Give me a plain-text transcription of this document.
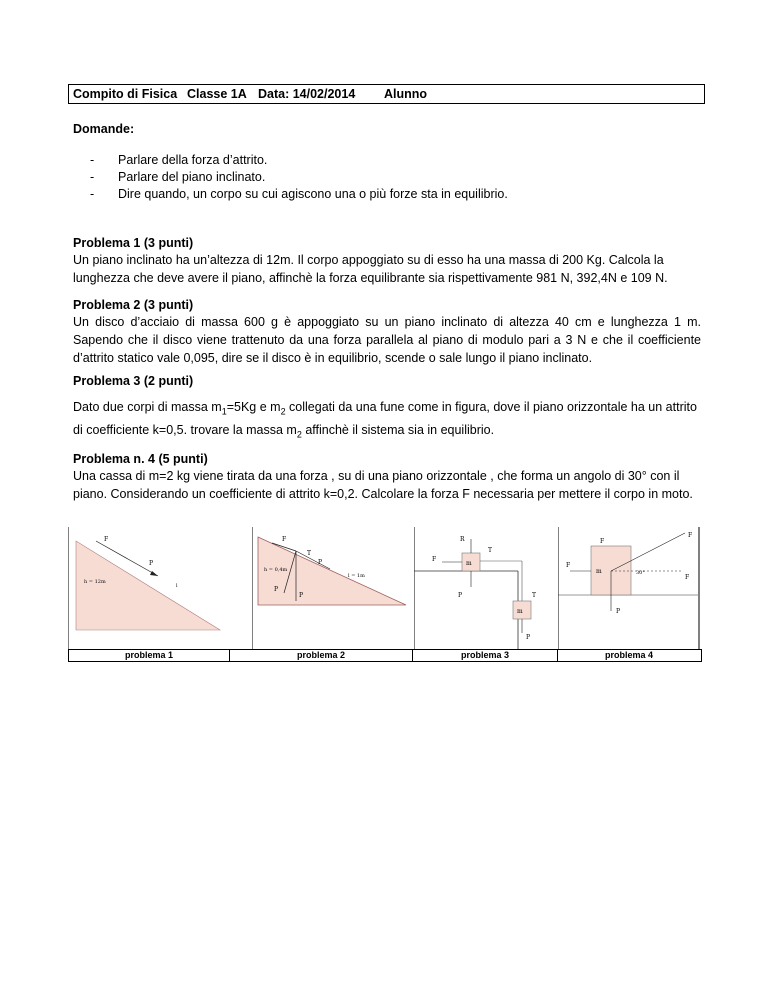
Compito di Fisica Classe 1A Data: 14/02/2014 Alunno
Domande:
- Parlare della forza d’attrito.
- Parlare del piano inclinato.
- Dire quando, un corpo su cui agiscono una o più forze sta in equilibrio.
Problema 1 (3 punti)
Un piano inclinato ha un’altezza di 12m. Il corpo appoggiato su di esso ha una massa di 200 Kg. Calcola la lunghezza che deve avere il piano, affinchè la forza equilibrante sia rispettivamente 981 N, 392,4N e 109 N.
Problema 2 (3 punti)
Un disco d’acciaio di massa 600 g è appoggiato su un piano inclinato di altezza 40 cm e lunghezza 1 m. Sapendo che il disco viene trattenuto da una forza parallela al piano di modulo pari a 3 N e che il coefficiente d’attrito statico vale 0,095, dire se il disco è in equilibrio, scende o sale lungo il piano inclinato.
Problema 3 (2 punti)
Dato due corpi di massa $m_1=5Kg$ e $m_2$ collegati da una fune come in figura, dove il piano orizzontale ha un attrito di coefficiente k=0,5. trovare la massa $m_2$ affinchè il sistema sia in equilibrio.
Problema n. 4 (5 punti)
Una cassa di m=2 kg viene tirata da una forza , su di una piano orizzontale , che forma un angolo di 30° con il piano. Considerando un coefficiente di attrito k=0,2. Calcolare la forza F necessaria per mettere il corpo in moto.
F
P
h = 12m
l
F
T
P
h = 0,4m
l = 1m
P
P
R
T
F
m
P	T
m
P
F
F
F
m	30°
F
P
problema 1	problema 2	problema 3	problema 4
